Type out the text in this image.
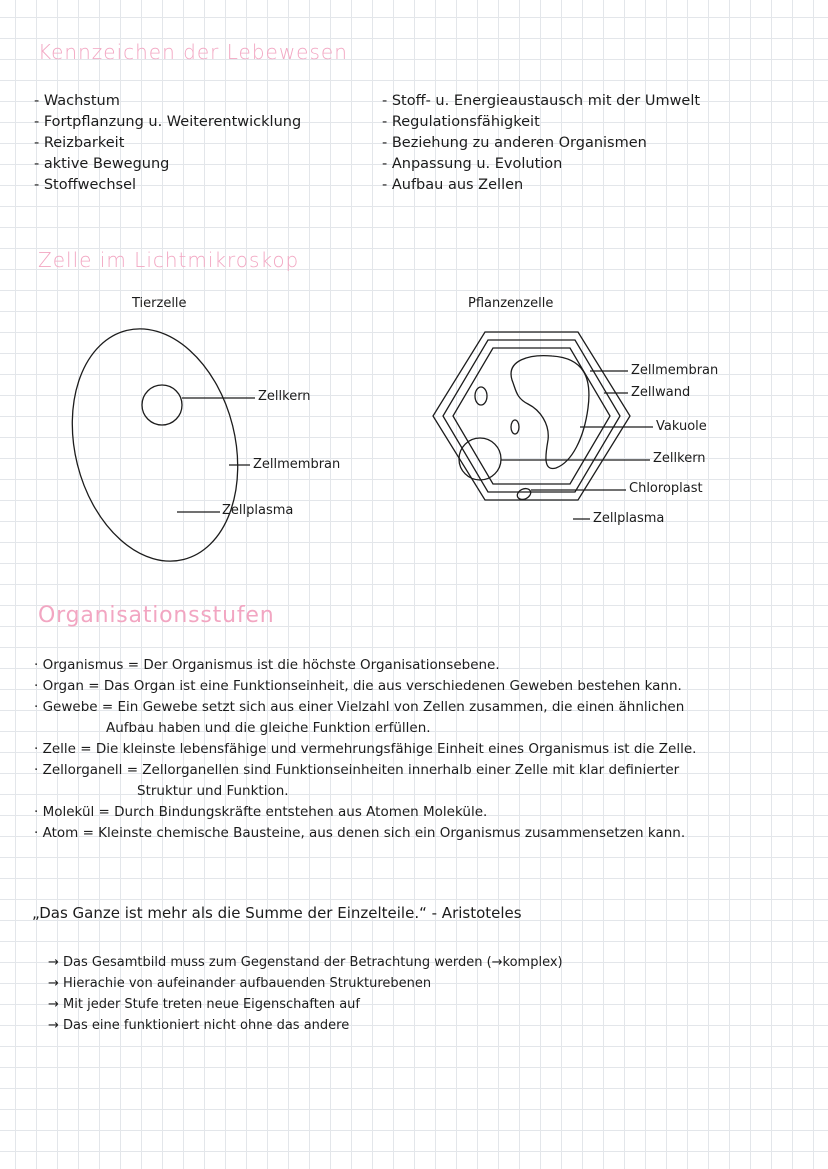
Kennzeichen der Lebewesen
- Wachstum
- Fortpflanzung u. Weiterentwicklung
- Reizbarkeit
- aktive Bewegung
- Stoffwechsel
- Stoff- u. Energieaustausch mit der Umwelt
- Regulationsfähigkeit
- Beziehung zu anderen Organismen
- Anpassung u. Evolution
- Aufbau aus Zellen
Zelle im Lichtmikroskop
Tierzelle	Pflanzenzelle
Zellkern
Zellmembran
Zellplasma
Zellmembran
Zellwand
Vakuole
Zellkern
Chloroplast
Zellplasma
Organisationsstufen
· Organismus = Der Organismus ist die höchste Organisationsebene.
· Organ = Das Organ ist eine Funktionseinheit, die aus verschiedenen Geweben bestehen kann.
· Gewebe = Ein Gewebe setzt sich aus einer Vielzahl von Zellen zusammen, die einen ähnlichen
Aufbau haben und die gleiche Funktion erfüllen.
· Zelle = Die kleinste lebensfähige und vermehrungsfähige Einheit eines Organismus ist die Zelle.
· Zellorganell = Zellorganellen sind Funktionseinheiten innerhalb einer Zelle mit klar definierter
Struktur und Funktion.
· Molekül = Durch Bindungskräfte entstehen aus Atomen Moleküle.
· Atom = Kleinste chemische Bausteine, aus denen sich ein Organismus zusammensetzen kann.
„Das Ganze ist mehr als die Summe der Einzelteile.“ - Aristoteles
→ Das Gesamtbild muss zum Gegenstand der Betrachtung werden (→komplex)
→ Hierachie von aufeinander aufbauenden Strukturebenen
→ Mit jeder Stufe treten neue Eigenschaften auf
→ Das eine funktioniert nicht ohne das andere
